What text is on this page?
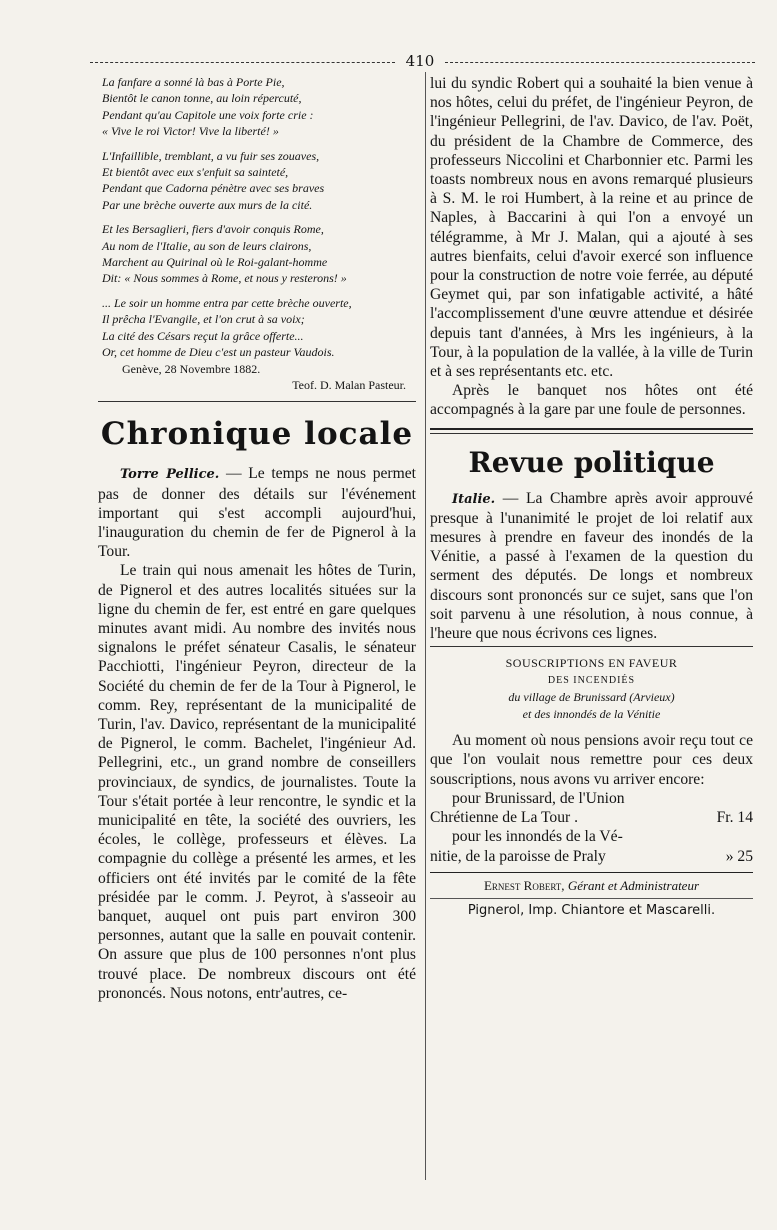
410

La fanfare a sonné là bas à Porte Pie,

Bientôt le canon tonne, au loin répercuté,

Pendant qu'au Capitole une voix forte crie :

« Vive le roi Victor! Vive la liberté! »

L'Infaillible, tremblant, a vu fuir ses zouaves,

Et bientôt avec eux s'enfuit sa sainteté,

Pendant que Cadorna pénètre avec ses braves

Par une brèche ouverte aux murs de la cité.

Et les Bersaglieri, fiers d'avoir conquis Rome,

Au nom de l'Italie, au son de leurs clairons,

Marchent au Quirinal où le Roi-galant-homme

Dit: « Nous sommes à Rome, et nous y resterons! »

... Le soir un homme entra par cette brèche ouverte,

Il prêcha l'Evangile, et l'on crut à sa voix;

La cité des Césars reçut la grâce offerte...

Or, cet homme de Dieu c'est un pasteur Vaudois.

Genève, 28 Novembre 1882.

Teof. D. Malan Pasteur.

Chronique locale

Torre Pellice. — Le temps ne nous permet pas de donner des détails sur l'événement important qui s'est accompli aujourd'hui, l'inauguration du chemin de fer de Pignerol à la Tour.

Le train qui nous amenait les hôtes de Turin, de Pignerol et des autres localités situées sur la ligne du chemin de fer, est entré en gare quelques minutes avant midi. Au nombre des invités nous signalons le préfet sénateur Casalis, le sénateur Pacchiotti, l'ingénieur Peyron, directeur de la Société du chemin de fer de la Tour à Pignerol, le comm. Rey, représentant de la municipalité de Turin, l'av. Davico, représentant de la municipalité de Pignerol, le comm. Bachelet, l'ingénieur Ad. Pellegrini, etc., un grand nombre de conseillers provinciaux, de syndics, de journalistes. Toute la Tour s'était portée à leur rencontre, le syndic et la municipalité en tête, la société des ouvriers, les écoles, le collège, professeurs et élèves. La compagnie du collège a présenté les armes, et les officiers ont été invités par le comité de la fête présidée par le comm. J. Peyrot, à s'asseoir au banquet, auquel ont puis part environ 300 personnes, autant que la salle en pouvait contenir. On assure que plus de 100 personnes n'ont plus trouvé place. De nombreux discours ont été prononcés. Nous notons, entr'autres, ce-

lui du syndic Robert qui a souhaité la bien venue à nos hôtes, celui du préfet, de l'ingénieur Peyron, de l'ingénieur Pellegrini, de l'av. Davico, de l'av. Poët, du président de la Chambre de Commerce, des professeurs Niccolini et Charbonnier etc. Parmi les toasts nombreux nous en avons remarqué plusieurs à S. M. le roi Humbert, à la reine et au prince de Naples, à Baccarini à qui l'on a envoyé un télégramme, à Mr J. Malan, qui a ajouté à ses autres bienfaits, celui d'avoir exercé son influence pour la construction de notre voie ferrée, au député Geymet qui, par son infatigable activité, a hâté l'accomplissement d'une œuvre attendue et désirée depuis tant d'années, à Mrs les ingénieurs, à la Tour, à la population de la vallée, à la ville de Turin et à ses représentants etc. etc.

Après le banquet nos hôtes ont été accompagnés à la gare par une foule de personnes.

Revue politique

Italie. — La Chambre après avoir approuvé presque à l'unanimité le projet de loi relatif aux mesures à prendre en faveur des inondés de la Vénitie, a passé à l'examen de la question du serment des députés. De longs et nombreux discours sont prononcés sur ce sujet, sans que l'on soit parvenu à une résolution, à nous connue, à l'heure que nous écrivons ces lignes.

SOUSCRIPTIONS EN FAVEUR
DES INCENDIÉS
du village de Brunissard (Arvieux)
et des innondés de la Vénitie

Au moment où nous pensions avoir reçu tout ce que l'on voulait nous remettre pour ces deux souscriptions, nous avons vu arriver encore:

pour Brunissard, de l'Union

Chrétienne de La Tour .	Fr. 14

pour les innondés de la Vé-

nitie, de la paroisse de Praly	» 25
Ernest Robert, Gérant et Administrateur
Pignerol, Imp. Chiantore et Mascarelli.
